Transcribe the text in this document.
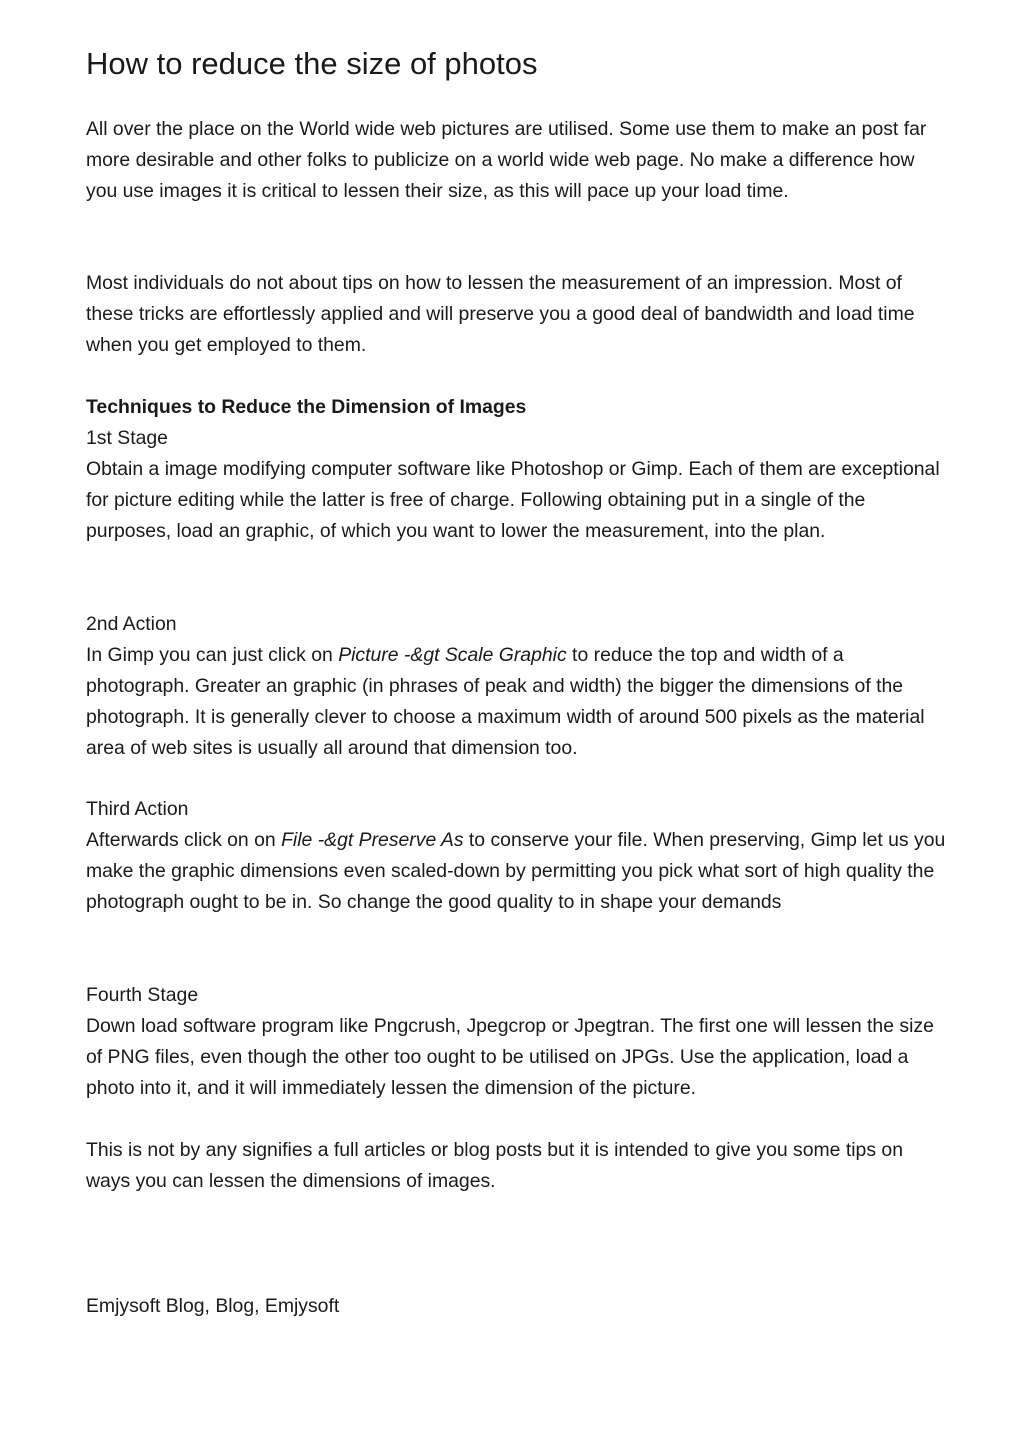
How to reduce the size of photos

All over the place on the World wide web pictures are utilised. Some use them to make an post far more desirable and other folks to publicize on a world wide web page. No make a difference how you use images it is critical to lessen their size, as this will pace up your load time.

Most individuals do not about tips on how to lessen the measurement of an impression. Most of these tricks are effortlessly applied and will preserve you a good deal of bandwidth and load time when you get employed to them.

Techniques to Reduce the Dimension of Images

1st Stage

Obtain a image modifying computer software like Photoshop or Gimp. Each of them are exceptional for picture editing while the latter is free of charge. Following obtaining put in a single of the purposes, load an graphic, of which you want to lower the measurement, into the plan.

2nd Action

In Gimp you can just click on Picture -&gt Scale Graphic to reduce the top and width of a photograph. Greater an graphic (in phrases of peak and width) the bigger the dimensions of the photograph. It is generally clever to choose a maximum width of around 500 pixels as the material area of web sites is usually all around that dimension too.

Third Action

Afterwards click on on File -&gt Preserve As to conserve your file. When preserving, Gimp let us you make the graphic dimensions even scaled-down by permitting you pick what sort of high quality the photograph ought to be in. So change the good quality to in shape your demands

Fourth Stage

Down load software program like Pngcrush, Jpegcrop or Jpegtran. The first one will lessen the size of PNG files, even though the other too ought to be utilised on JPGs. Use the application, load a photo into it, and it will immediately lessen the dimension of the picture.

This is not by any signifies a full articles or blog posts but it is intended to give you some tips on ways you can lessen the dimensions of images.

Emjysoft Blog, Blog, Emjysoft
